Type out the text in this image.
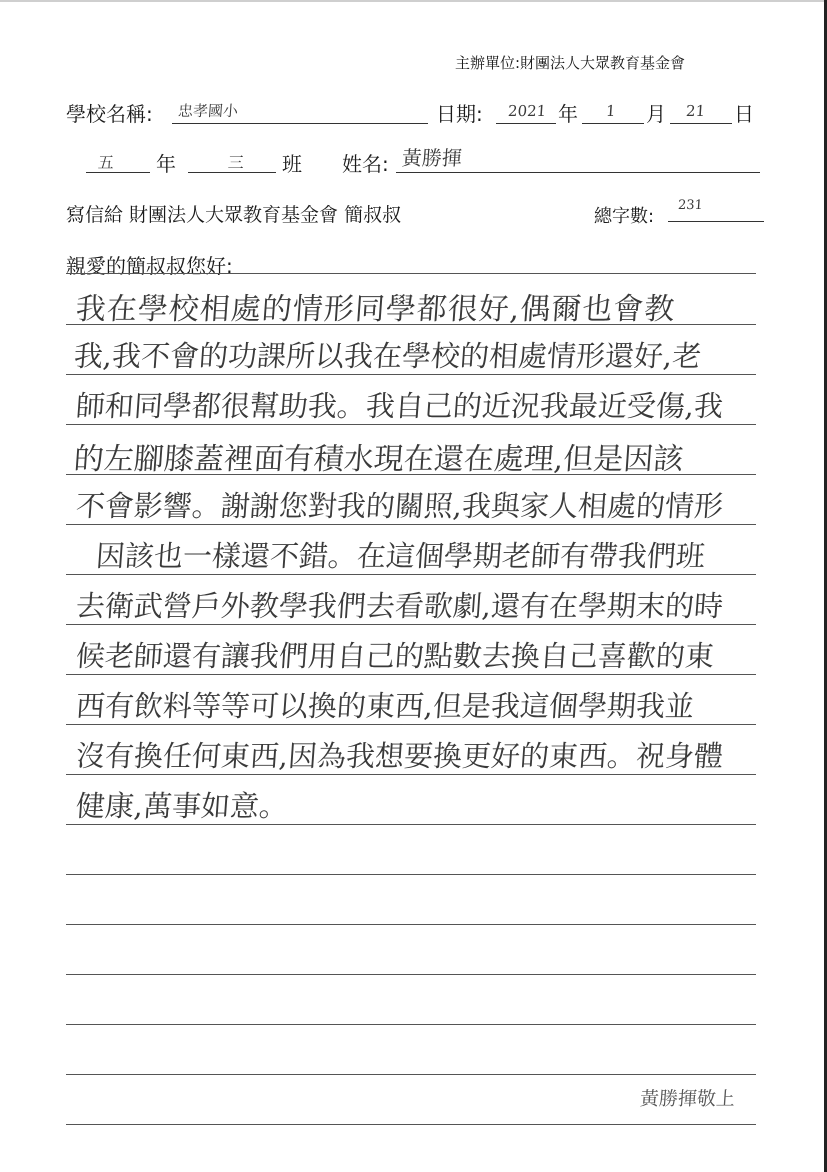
主辦單位:財團法人大眾教育基金會
學校名稱: 忠孝國小	日期: 2021 年 1 月 21 日
五 年	三 班 姓名: 黃勝揮
寫信給 財團法人大眾教育基金會 簡叔叔	總字數:
231
親愛的簡叔叔您好:
我在學校相處的情形同學都很好,偶爾也會教
我,我不會的功課所以我在學校的相處情形還好,老
師和同學都很幫助我。我自己的近況我最近受傷,我
的左腳膝蓋裡面有積水現在還在處理,但是因該
不會影響。謝謝您對我的關照,我與家人相處的情形
因該也一樣還不錯。在這個學期老師有帶我們班
去衛武營戶外教學我們去看歌劇,還有在學期末的時
候老師還有讓我們用自己的點數去換自己喜歡的東
西有飲料等等可以換的東西,但是我這個學期我並
沒有換任何東西,因為我想要換更好的東西。祝身體
健康,萬事如意。
黃勝揮敬上
